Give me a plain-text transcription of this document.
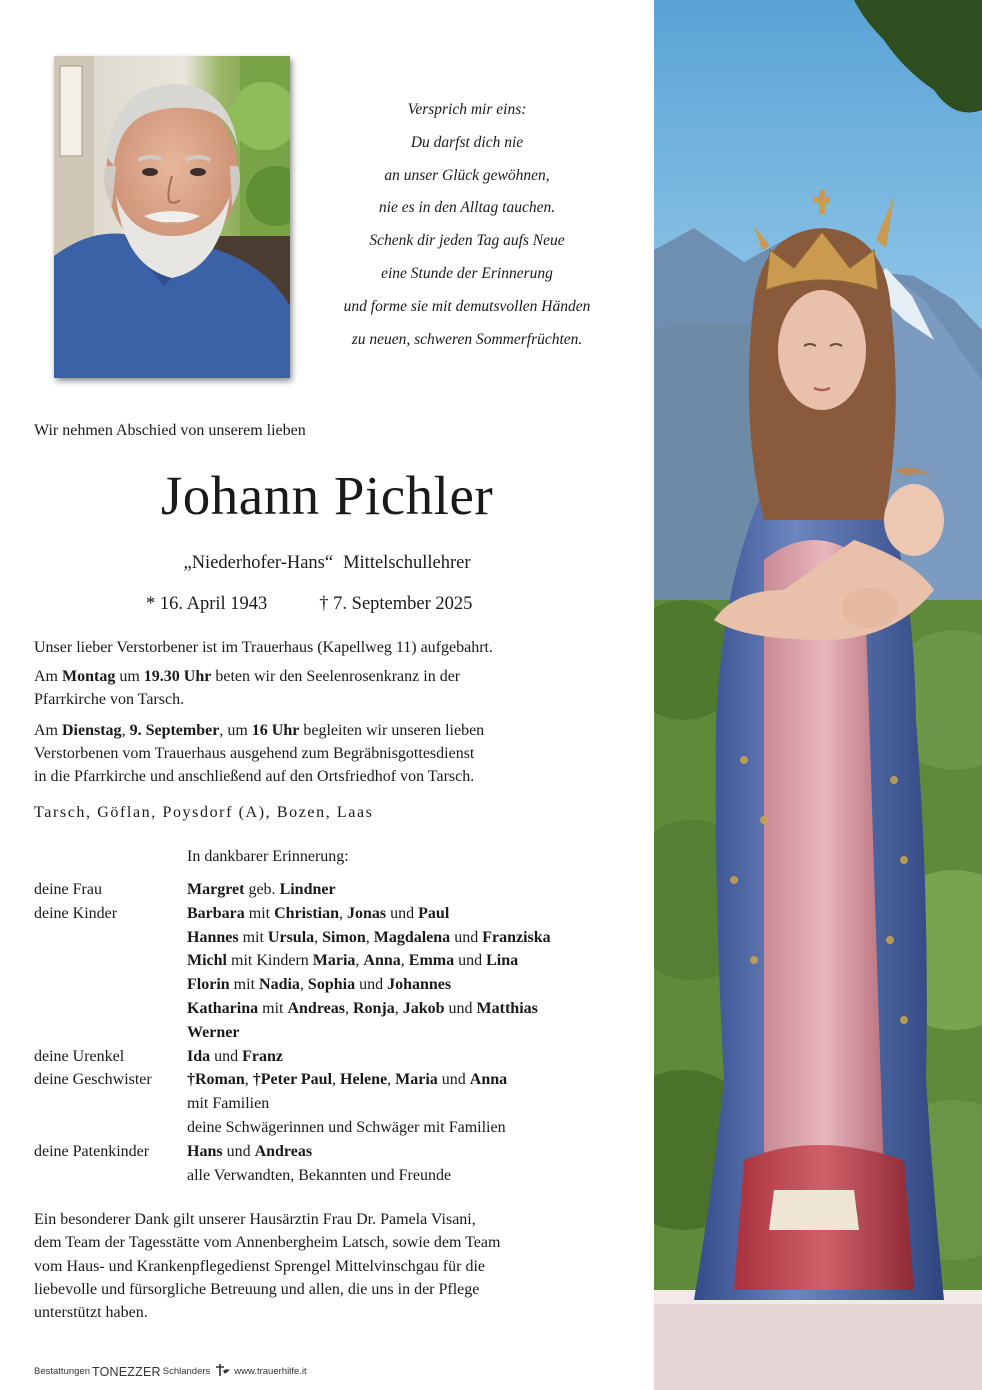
Versprich mir eins:
Du darfst dich nie
an unser Glück gewöhnen,
nie es in den Alltag tauchen.
Schenk dir jeden Tag aufs Neue
eine Stunde der Erinnerung
und forme sie mit demutsvollen Händen
zu neuen, schweren Sommerfrüchten.
Wir nehmen Abschied von unserem lieben
Johann Pichler
„Niederhofer-Hans“ Mittelschullehrer
* 16. April 1943	† 7. September 2025
Unser lieber Verstorbener ist im Trauerhaus (Kapellweg 11) aufgebahrt.
Am Montag um 19.30 Uhr beten wir den Seelenrosenkranz in der
Pfarrkirche von Tarsch.
Am Dienstag, 9. September, um 16 Uhr begleiten wir unseren lieben
Verstorbenen vom Trauerhaus ausgehend zum Begräbnisgottesdienst
in die Pfarrkirche und anschließend auf den Ortsfriedhof von Tarsch.
Tarsch, Göflan, Poysdorf (A), Bozen, Laas
In dankbarer Erinnerung:
deine Frau	Margret geb. Lindner
deine Kinder	Barbara mit Christian, Jonas und Paul
Hannes mit Ursula, Simon, Magdalena und Franziska
Michl mit Kindern Maria, Anna, Emma und Lina
Florin mit Nadia, Sophia und Johannes
Katharina mit Andreas, Ronja, Jakob und Matthias
Werner
deine Urenkel	Ida und Franz
deine Geschwister	†Roman, †Peter Paul, Helene, Maria und Anna
mit Familien
deine Schwägerinnen und Schwäger mit Familien
deine Patenkinder	Hans und Andreas
alle Verwandten, Bekannten und Freunde
Ein besonderer Dank gilt unserer Hausärztin Frau Dr. Pamela Visani,
dem Team der Tagesstätte vom Annenbergheim Latsch, sowie dem Team
vom Haus- und Krankenpflegedienst Sprengel Mittelvinschgau für die
liebevolle und fürsorgliche Betreuung und allen, die uns in der Pflege
unterstützt haben.
Bestattungen TONEZZER Schlanders	www.trauerhilfe.it
